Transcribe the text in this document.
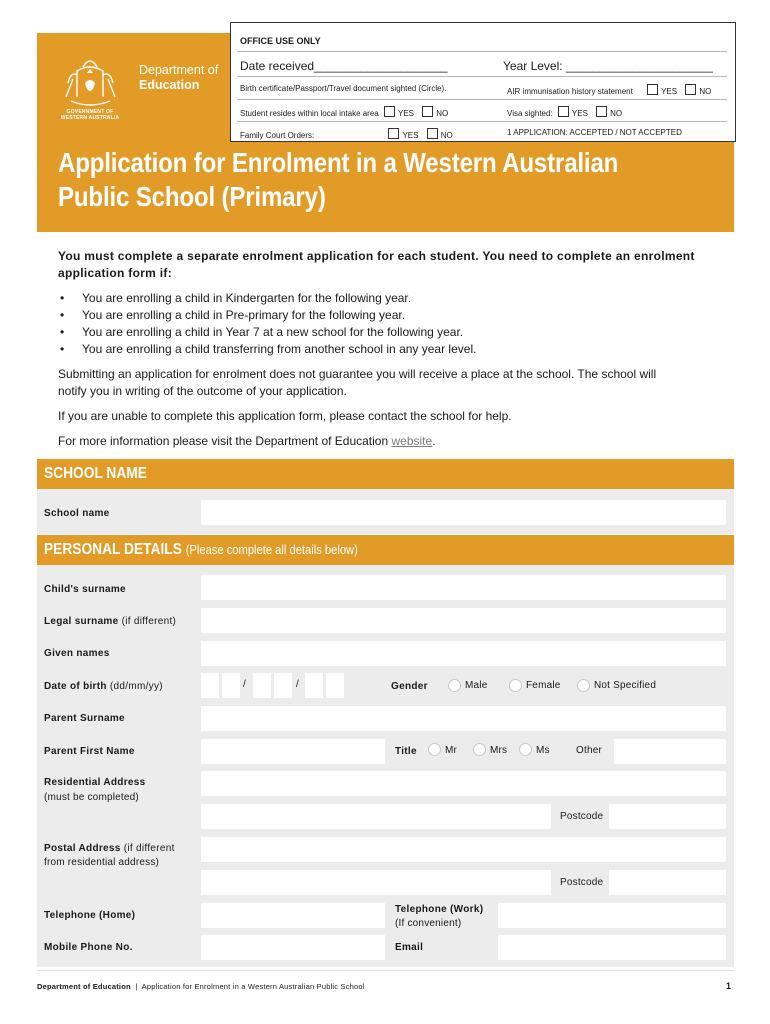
Department of
Education
GOVERNMENT OF WESTERN AUSTRALIA
Application for Enrolment in a Western Australian
Public School (Primary)
OFFICE USE ONLY
Date received____________________	Year Level: ______________________
Birth certificate/Passport/Travel document sighted (Circle).	AIR immunisation history statement	YES	NO
Student resides within local intake area YES	NO	Visa sighted: YES	NO
Family Court Orders:	YES	NO	1 APPLICATION: ACCEPTED / NOT ACCEPTED
You must complete a separate enrolment application for each student. You need to complete an enrolment application form if:
• You are enrolling a child in Kindergarten for the following year.
• You are enrolling a child in Pre-primary for the following year.
• You are enrolling a child in Year 7 at a new school for the following year.
• You are enrolling a child transferring from another school in any year level.

Submitting an application for enrolment does not guarantee you will receive a place at the school. The school will notify you in writing of the outcome of your application.

If you are unable to complete this application form, please contact the school for help.

For more information please visit the Department of Education website.

SCHOOL NAME
School name
PERSONAL DETAILS (Please complete all details below)
Child's surname
Legal surname (if different)
Given names
Date of birth (dd/mm/yy)	/	/	Gender	Male	Female	Not Specified
Parent Surname
Parent First Name	Title	Mr	Mrs	Ms	Other
Residential Address
(must be completed)
Postcode
Postal Address (if different
from residential address)
Postcode
Telephone (Home)
Telephone (Work)
(If convenient)
Mobile Phone No.	Email
Department of Education | Application for Enrolment in a Western Australian Public School	1
